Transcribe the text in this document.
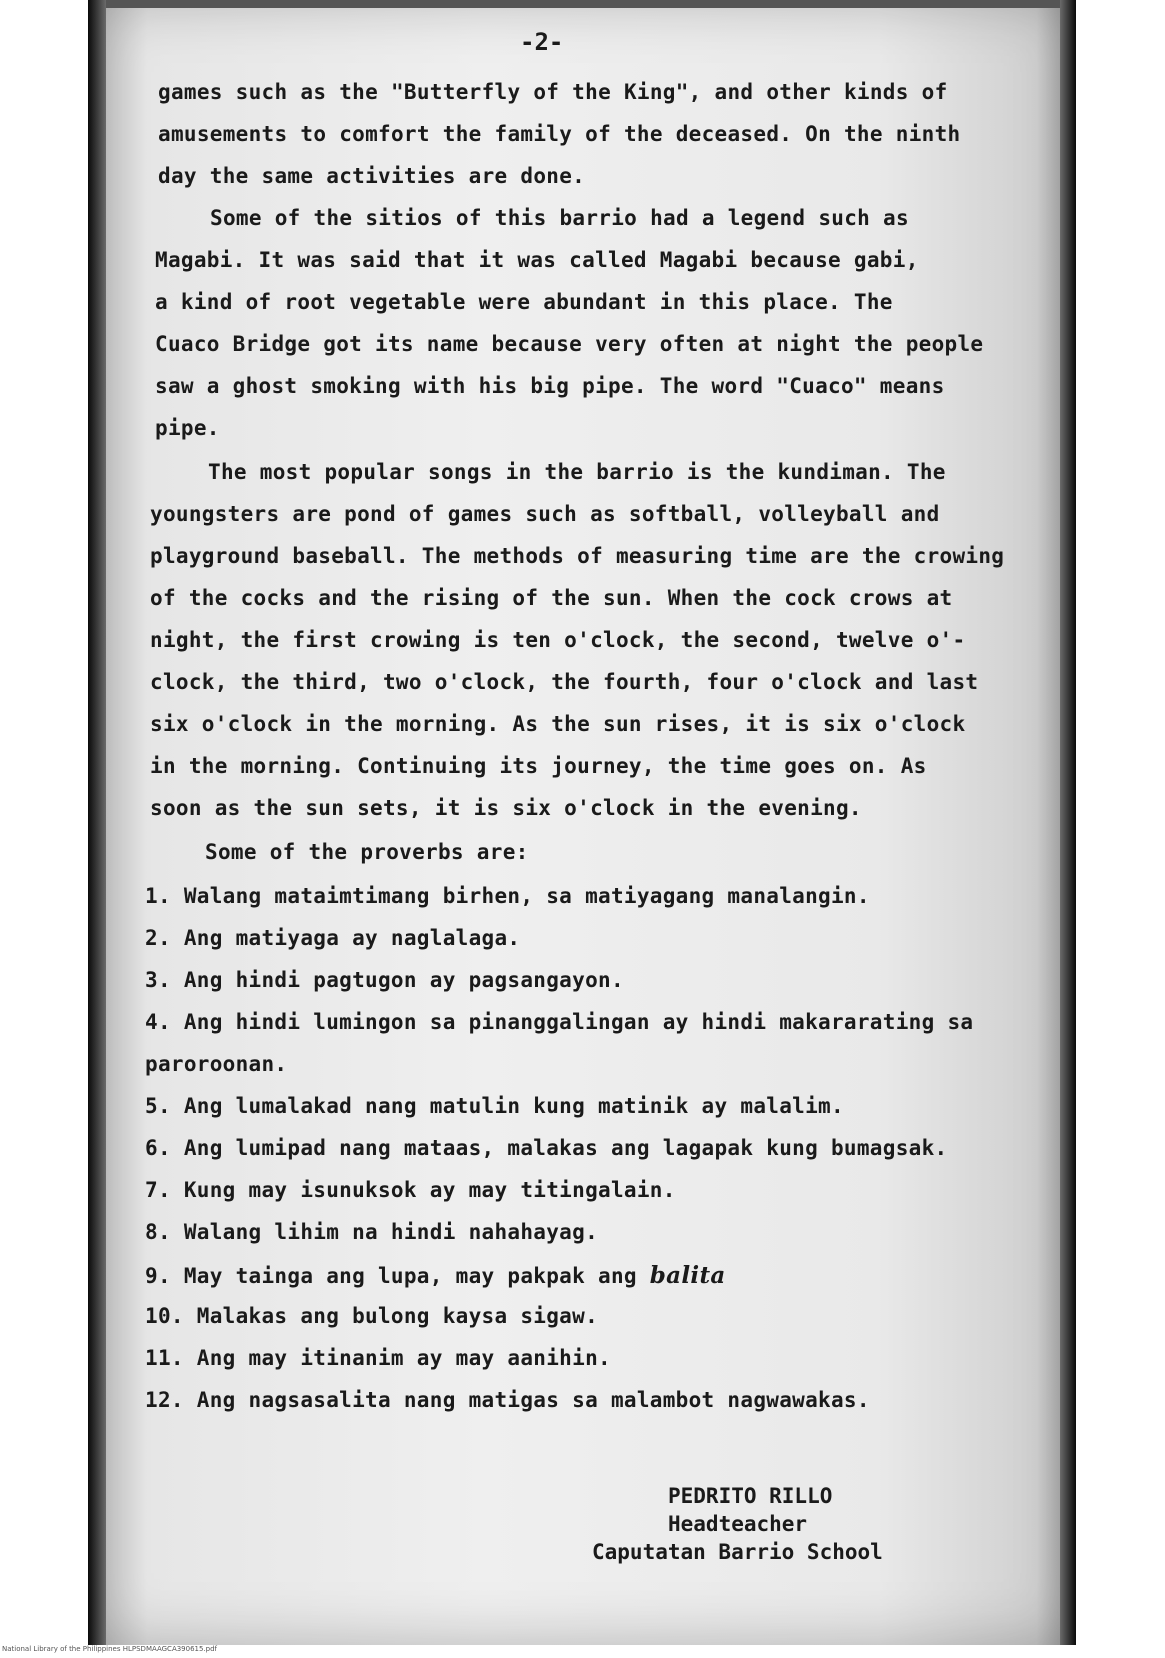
-2-
games such as the "Butterfly of the King", and other kinds of
amusements to comfort the family of the deceased. On the ninth
day the same activities are done.
Some of the sitios of this barrio had a legend such as
Magabi. It was said that it was called Magabi because gabi,
a kind of root vegetable were abundant in this place. The
Cuaco Bridge got its name because very often at night the people
saw a ghost smoking with his big pipe. The word "Cuaco" means
pipe.
The most popular songs in the barrio is the kundiman. The
youngsters are pond of games such as softball, volleyball and
playground baseball. The methods of measuring time are the crowing
of the cocks and the rising of the sun. When the cock crows at
night, the first crowing is ten o'clock, the second, twelve o'-
clock, the third, two o'clock, the fourth, four o'clock and last
six o'clock in the morning. As the sun rises, it is six o'clock
in the morning. Continuing its journey, the time goes on. As
soon as the sun sets, it is six o'clock in the evening.
Some of the proverbs are:
1. Walang mataimtimang birhen, sa matiyagang manalangin.
2. Ang matiyaga ay naglalaga.
3. Ang hindi pagtugon ay pagsangayon.
4. Ang hindi lumingon sa pinanggalingan ay hindi makararating sa
paroroonan.
5. Ang lumalakad nang matulin kung matinik ay malalim.
6. Ang lumipad nang mataas, malakas ang lagapak kung bumagsak.
7. Kung may isunuksok ay may titingalain.
8. Walang lihim na hindi nahahayag.
9. May tainga ang lupa, may pakpak ang balita
10. Malakas ang bulong kaysa sigaw.
11. Ang may itinanim ay may aanihin.
12. Ang nagsasalita nang matigas sa malambot nagwawakas.
PEDRITO RILLO
Headteacher
Caputatan Barrio School
National Library of the Philippines HLPSDMAAGCA390615.pdf
